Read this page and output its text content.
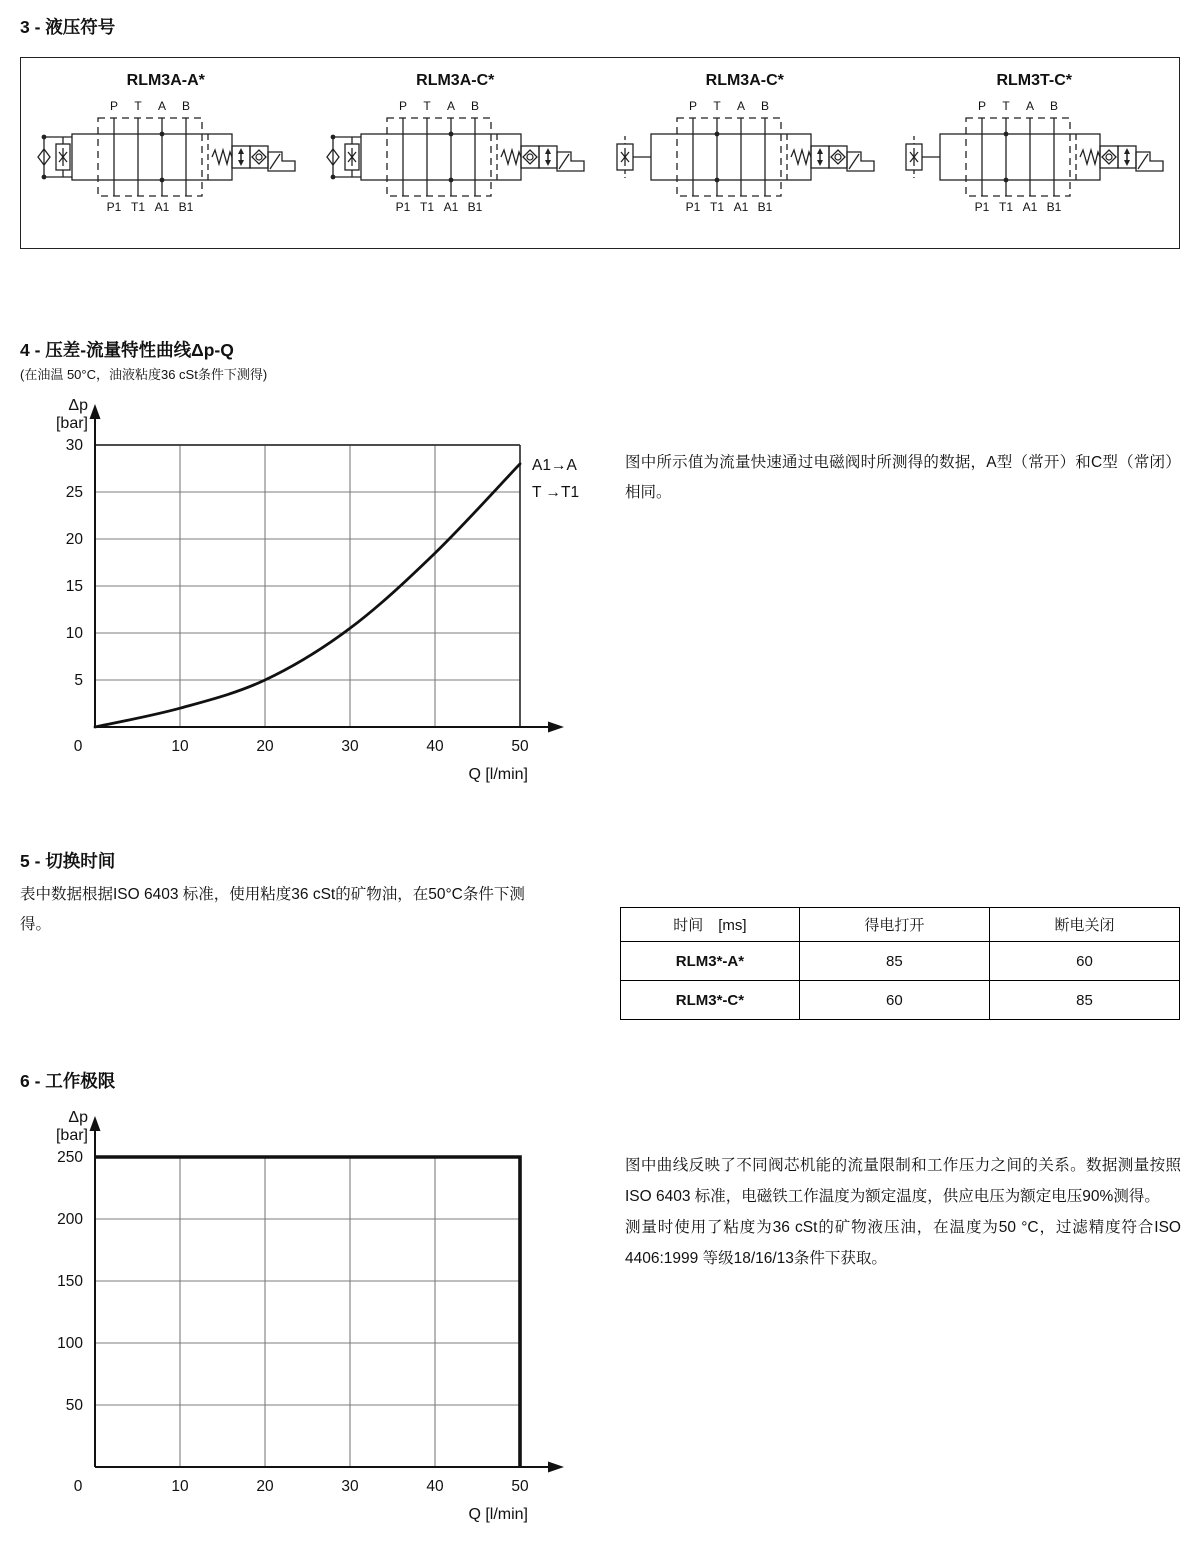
3 - 液压符号
RLM3A-A*
P
P1
T
T1
A
A1
B
B1
RLM3A-C*
P
P1
T
T1
A
A1
B
B1
RLM3A-C*
P
P1
T
T1
A
A1
B
B1
RLM3T-C*
P
P1
T
T1
A
A1
B
B1
4 - 压差-流量特性曲线Δp-Q
(在油温 50°C，油液粘度36 cSt条件下测得)
5
10
15
20
25
30
0	10	20	30	40	50
Δp
[bar]
Q [l/min]
A1→A
T →T1
图中所示值为流量快速通过电磁阀时所测得的数据，A型（常开）和C型（常闭）相同。
5 - 切换时间
表中数据根据ISO 6403 标准，使用粘度36 cSt的矿物油，在50°C条件下测得。	时间　[ms]	得电打开	断电关闭
RLM3*-A*	85	60
RLM3*-C*	60	85
6 - 工作极限
50
100
150
200
250
0	10	20	30	40	50
Δp
[bar]
Q [l/min]
图中曲线反映了不同阀芯机能的流量限制和工作压力之间的关系。数据测量按照ISO 6403 标准，电磁铁工作温度为额定温度，供应电压为额定电压90%测得。
测量时使用了粘度为36 cSt的矿物液压油，在温度为50 °C，过滤精度符合ISO 4406:1999 等级18/16/13条件下获取。
